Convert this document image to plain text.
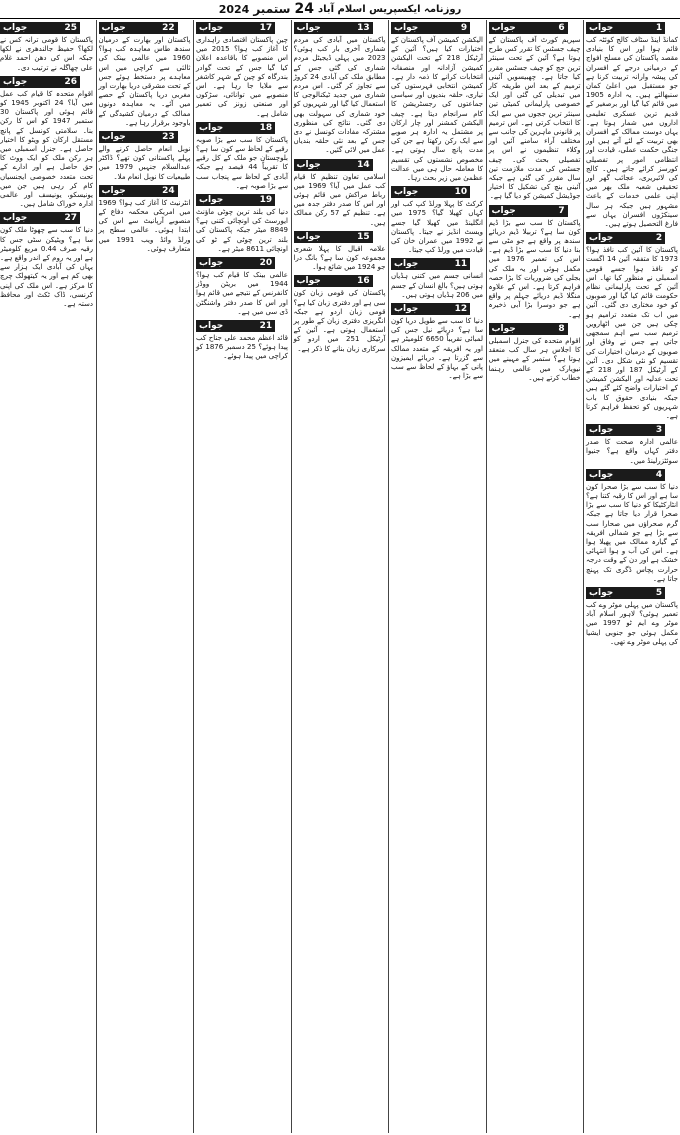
روزنامہ ایکسپریس اسلام آباد
24
ستمبر
2024
1
جواب

کمانڈ اینڈ سٹاف کالج کوئٹہ کب قائم ہوا اور اس کا بنیادی مقصد پاکستان کی مسلح افواج کے درمیانی درجے کے افسران کی پیشہ وارانہ تربیت کرنا ہے جو مستقبل میں اعلیٰ کمان سنبھالتے ہیں۔ یہ ادارہ 1905 میں قائم کیا گیا اور برصغیر کے قدیم ترین عسکری تعلیمی اداروں میں شمار ہوتا ہے۔ یہاں دوست ممالک کے افسران بھی تربیت کے لئے آتے ہیں اور جنگی حکمت عملی، قیادت اور انتظامی امور پر تفصیلی کورسز کرائے جاتے ہیں۔ کالج کی لائبریری، عجائب گھر اور تحقیقی شعبہ ملک بھر میں اپنی علمی خدمات کے باعث مشہور ہیں جبکہ ہر سال سینکڑوں افسران یہاں سے فارغ التحصیل ہوتے ہیں۔

2
جواب

پاکستان کا آئین کب نافذ ہوا؟ 1973 کا متفقہ آئین 14 اگست کو نافذ ہوا جسے قومی اسمبلی نے منظور کیا تھا۔ اس آئین کے تحت پارلیمانی نظام حکومت قائم کیا گیا اور صوبوں کو خود مختاری دی گئی۔ آئین میں اب تک متعدد ترامیم ہو چکی ہیں جن میں اٹھارویں ترمیم سب سے اہم سمجھی جاتی ہے جس نے وفاق اور صوبوں کے درمیان اختیارات کی تقسیم کو نئی شکل دی۔ آئین کے آرٹیکل 187 اور 218 کے تحت عدلیہ اور الیکشن کمیشن کے اختیارات واضح کئے گئے ہیں جبکہ بنیادی حقوق کا باب شہریوں کو تحفظ فراہم کرتا ہے۔

3
جواب

عالمی ادارہ صحت کا صدر دفتر کہاں واقع ہے؟ جنیوا سوئٹزرلینڈ میں۔

4
جواب

دنیا کا سب سے بڑا صحرا کون سا ہے اور اس کا رقبہ کتنا ہے؟ انٹارکٹیکا کو دنیا کا سب سے بڑا صحرا قرار دیا جاتا ہے جبکہ گرم صحراؤں میں صحارا سب سے بڑا ہے جو شمالی افریقہ کے گیارہ ممالک میں پھیلا ہوا ہے۔ اس کی آب و ہوا انتہائی خشک ہے اور دن کے وقت درجہ حرارت پچاس ڈگری تک پہنچ جاتا ہے۔

5
جواب

پاکستان میں پہلی موٹر وے کب تعمیر ہوئی؟ لاہور اسلام آباد موٹر وے ایم ٹو 1997 میں مکمل ہوئی جو جنوبی ایشیا کی پہلی موٹر وے تھی۔

6
جواب

سپریم کورٹ آف پاکستان کے چیف جسٹس کا تقرر کس طرح ہوتا ہے؟ آئین کے تحت سینئر ترین جج کو چیف جسٹس مقرر کیا جاتا ہے۔ چھبیسویں آئینی ترمیم کے بعد اس طریقہ کار میں تبدیلی کی گئی اور ایک خصوصی پارلیمانی کمیٹی تین سینئر ترین ججوں میں سے ایک کا انتخاب کرتی ہے۔ اس ترمیم پر قانونی ماہرین کی جانب سے مختلف آراء سامنے آئیں اور وکلاء تنظیموں نے اس پر تفصیلی بحث کی۔ چیف جسٹس کی مدت ملازمت تین سال مقرر کی گئی ہے جبکہ آئینی بنچ کی تشکیل کا اختیار جوڈیشل کمیشن کو دیا گیا ہے۔

7
جواب

پاکستان کا سب سے بڑا ڈیم کون سا ہے؟ تربیلا ڈیم دریائے سندھ پر واقع ہے جو مٹی سے بنا دنیا کا سب سے بڑا ڈیم ہے۔ اس کی تعمیر 1976 میں مکمل ہوئی اور یہ ملک کی بجلی کی ضروریات کا بڑا حصہ فراہم کرتا ہے۔ اس کے علاوہ منگلا ڈیم دریائے جہلم پر واقع ہے جو دوسرا بڑا آبی ذخیرہ ہے۔

8
جواب

اقوام متحدہ کی جنرل اسمبلی کا اجلاس ہر سال کب منعقد ہوتا ہے؟ ستمبر کے مہینے میں نیویارک میں عالمی رہنما خطاب کرتے ہیں۔

9
جواب

الیکشن کمیشن آف پاکستان کے اختیارات کیا ہیں؟ آئین کے آرٹیکل 218 کے تحت الیکشن کمیشن آزادانہ اور منصفانہ انتخابات کرانے کا ذمہ دار ہے۔ کمیشن انتخابی فہرستوں کی تیاری، حلقہ بندیوں اور سیاسی جماعتوں کی رجسٹریشن کا کام سرانجام دیتا ہے۔ چیف الیکشن کمشنر اور چار ارکان پر مشتمل یہ ادارہ ہر صوبے سے ایک رکن رکھتا ہے جن کی مدت پانچ سال ہوتی ہے۔ مخصوص نشستوں کی تقسیم کا معاملہ حال ہی میں عدالت عظمیٰ میں زیر بحث رہا۔

10
جواب

کرکٹ کا پہلا ورلڈ کپ کب اور کہاں کھیلا گیا؟ 1975 میں انگلینڈ میں کھیلا گیا جسے ویسٹ انڈیز نے جیتا۔ پاکستان نے 1992 میں عمران خان کی قیادت میں ورلڈ کپ جیتا۔

11
جواب

انسانی جسم میں کتنی ہڈیاں ہوتی ہیں؟ بالغ انسان کے جسم میں 206 ہڈیاں ہوتی ہیں۔

12
جواب

دنیا کا سب سے طویل دریا کون سا ہے؟ دریائے نیل جس کی لمبائی تقریباً 6650 کلومیٹر ہے اور یہ افریقہ کے متعدد ممالک سے گزرتا ہے۔ دریائے ایمیزون پانی کے بہاؤ کے لحاظ سے سب سے بڑا ہے۔

13
جواب

پاکستان میں آبادی کی مردم شماری آخری بار کب ہوئی؟ 2023 میں پہلی ڈیجیٹل مردم شماری کی گئی جس کے مطابق ملک کی آبادی 24 کروڑ سے تجاوز کر گئی۔ اس مردم شماری میں جدید ٹیکنالوجی کا استعمال کیا گیا اور شہریوں کو خود شماری کی سہولت بھی دی گئی۔ نتائج کی منظوری مشترکہ مفادات کونسل نے دی جس کے بعد نئی حلقہ بندیاں عمل میں لائی گئیں۔

14
جواب

اسلامی تعاون تنظیم کا قیام کب عمل میں آیا؟ 1969 میں رباط مراکش میں قائم ہوئی اور اس کا صدر دفتر جدہ میں ہے۔ تنظیم کے 57 رکن ممالک ہیں۔

15
جواب

علامہ اقبال کا پہلا شعری مجموعہ کون سا ہے؟ بانگ درا جو 1924 میں شائع ہوا۔

16
جواب

پاکستان کی قومی زبان کون سی ہے اور دفتری زبان کیا ہے؟ قومی زبان اردو ہے جبکہ انگریزی دفتری زبان کے طور پر استعمال ہوتی ہے۔ آئین کے آرٹیکل 251 میں اردو کو سرکاری زبان بنانے کا ذکر ہے۔

17
جواب

چین پاکستان اقتصادی راہداری کا آغاز کب ہوا؟ 2015 میں اس منصوبے کا باقاعدہ اعلان کیا گیا جس کے تحت گوادر بندرگاہ کو چین کے شہر کاشغر سے ملایا جا رہا ہے۔ اس منصوبے میں توانائی، سڑکوں اور صنعتی زونز کی تعمیر شامل ہے۔

18
جواب

پاکستان کا سب سے بڑا صوبہ رقبے کے لحاظ سے کون سا ہے؟ بلوچستان جو ملک کے کل رقبے کا تقریباً 44 فیصد ہے جبکہ آبادی کے لحاظ سے پنجاب سب سے بڑا صوبہ ہے۔

19
جواب

دنیا کی بلند ترین چوٹی ماؤنٹ ایورسٹ کی اونچائی کتنی ہے؟ 8849 میٹر جبکہ پاکستان کی بلند ترین چوٹی کے ٹو کی اونچائی 8611 میٹر ہے۔

20
جواب

عالمی بینک کا قیام کب ہوا؟ 1944 میں بریٹن ووڈز کانفرنس کے نتیجے میں قائم ہوا اور اس کا صدر دفتر واشنگٹن ڈی سی میں ہے۔

21
جواب

قائد اعظم محمد علی جناح کب پیدا ہوئے؟ 25 دسمبر 1876 کو کراچی میں پیدا ہوئے۔

22
جواب

پاکستان اور بھارت کے درمیان سندھ طاس معاہدہ کب ہوا؟ 1960 میں عالمی بینک کی ثالثی سے کراچی میں اس معاہدے پر دستخط ہوئے جس کے تحت مشرقی دریا بھارت اور مغربی دریا پاکستان کے حصے میں آئے۔ یہ معاہدہ دونوں ممالک کے درمیان کشیدگی کے باوجود برقرار رہا ہے۔

23
جواب

نوبل انعام حاصل کرنے والے پہلے پاکستانی کون تھے؟ ڈاکٹر عبدالسلام جنہیں 1979 میں طبیعیات کا نوبل انعام ملا۔

24
جواب

انٹرنیٹ کا آغاز کب ہوا؟ 1969 میں امریکی محکمہ دفاع کے منصوبے آرپانیٹ سے اس کی ابتدا ہوئی۔ عالمی سطح پر ورلڈ وائڈ ویب 1991 میں متعارف ہوئی۔

25
جواب

پاکستان کا قومی ترانہ کس نے لکھا؟ حفیظ جالندھری نے لکھا جبکہ اس کی دھن احمد غلام علی چھاگلہ نے ترتیب دی۔

26
جواب

اقوام متحدہ کا قیام کب عمل میں آیا؟ 24 اکتوبر 1945 کو قائم ہوئی اور پاکستان 30 ستمبر 1947 کو اس کا رکن بنا۔ سلامتی کونسل کے پانچ مستقل ارکان کو ویٹو کا اختیار حاصل ہے۔ جنرل اسمبلی میں ہر رکن ملک کو ایک ووٹ کا حق حاصل ہے اور ادارے کے تحت متعدد خصوصی ایجنسیاں کام کر رہی ہیں جن میں یونیسکو، یونیسف اور عالمی ادارہ خوراک شامل ہیں۔

27
جواب

دنیا کا سب سے چھوٹا ملک کون سا ہے؟ ویٹیکن سٹی جس کا رقبہ صرف 0.44 مربع کلومیٹر ہے اور یہ روم کے اندر واقع ہے۔ یہاں کی آبادی ایک ہزار سے بھی کم ہے اور یہ کیتھولک چرچ کا مرکز ہے۔ اس ملک کی اپنی کرنسی، ڈاک ٹکٹ اور محافظ دستہ ہے۔
